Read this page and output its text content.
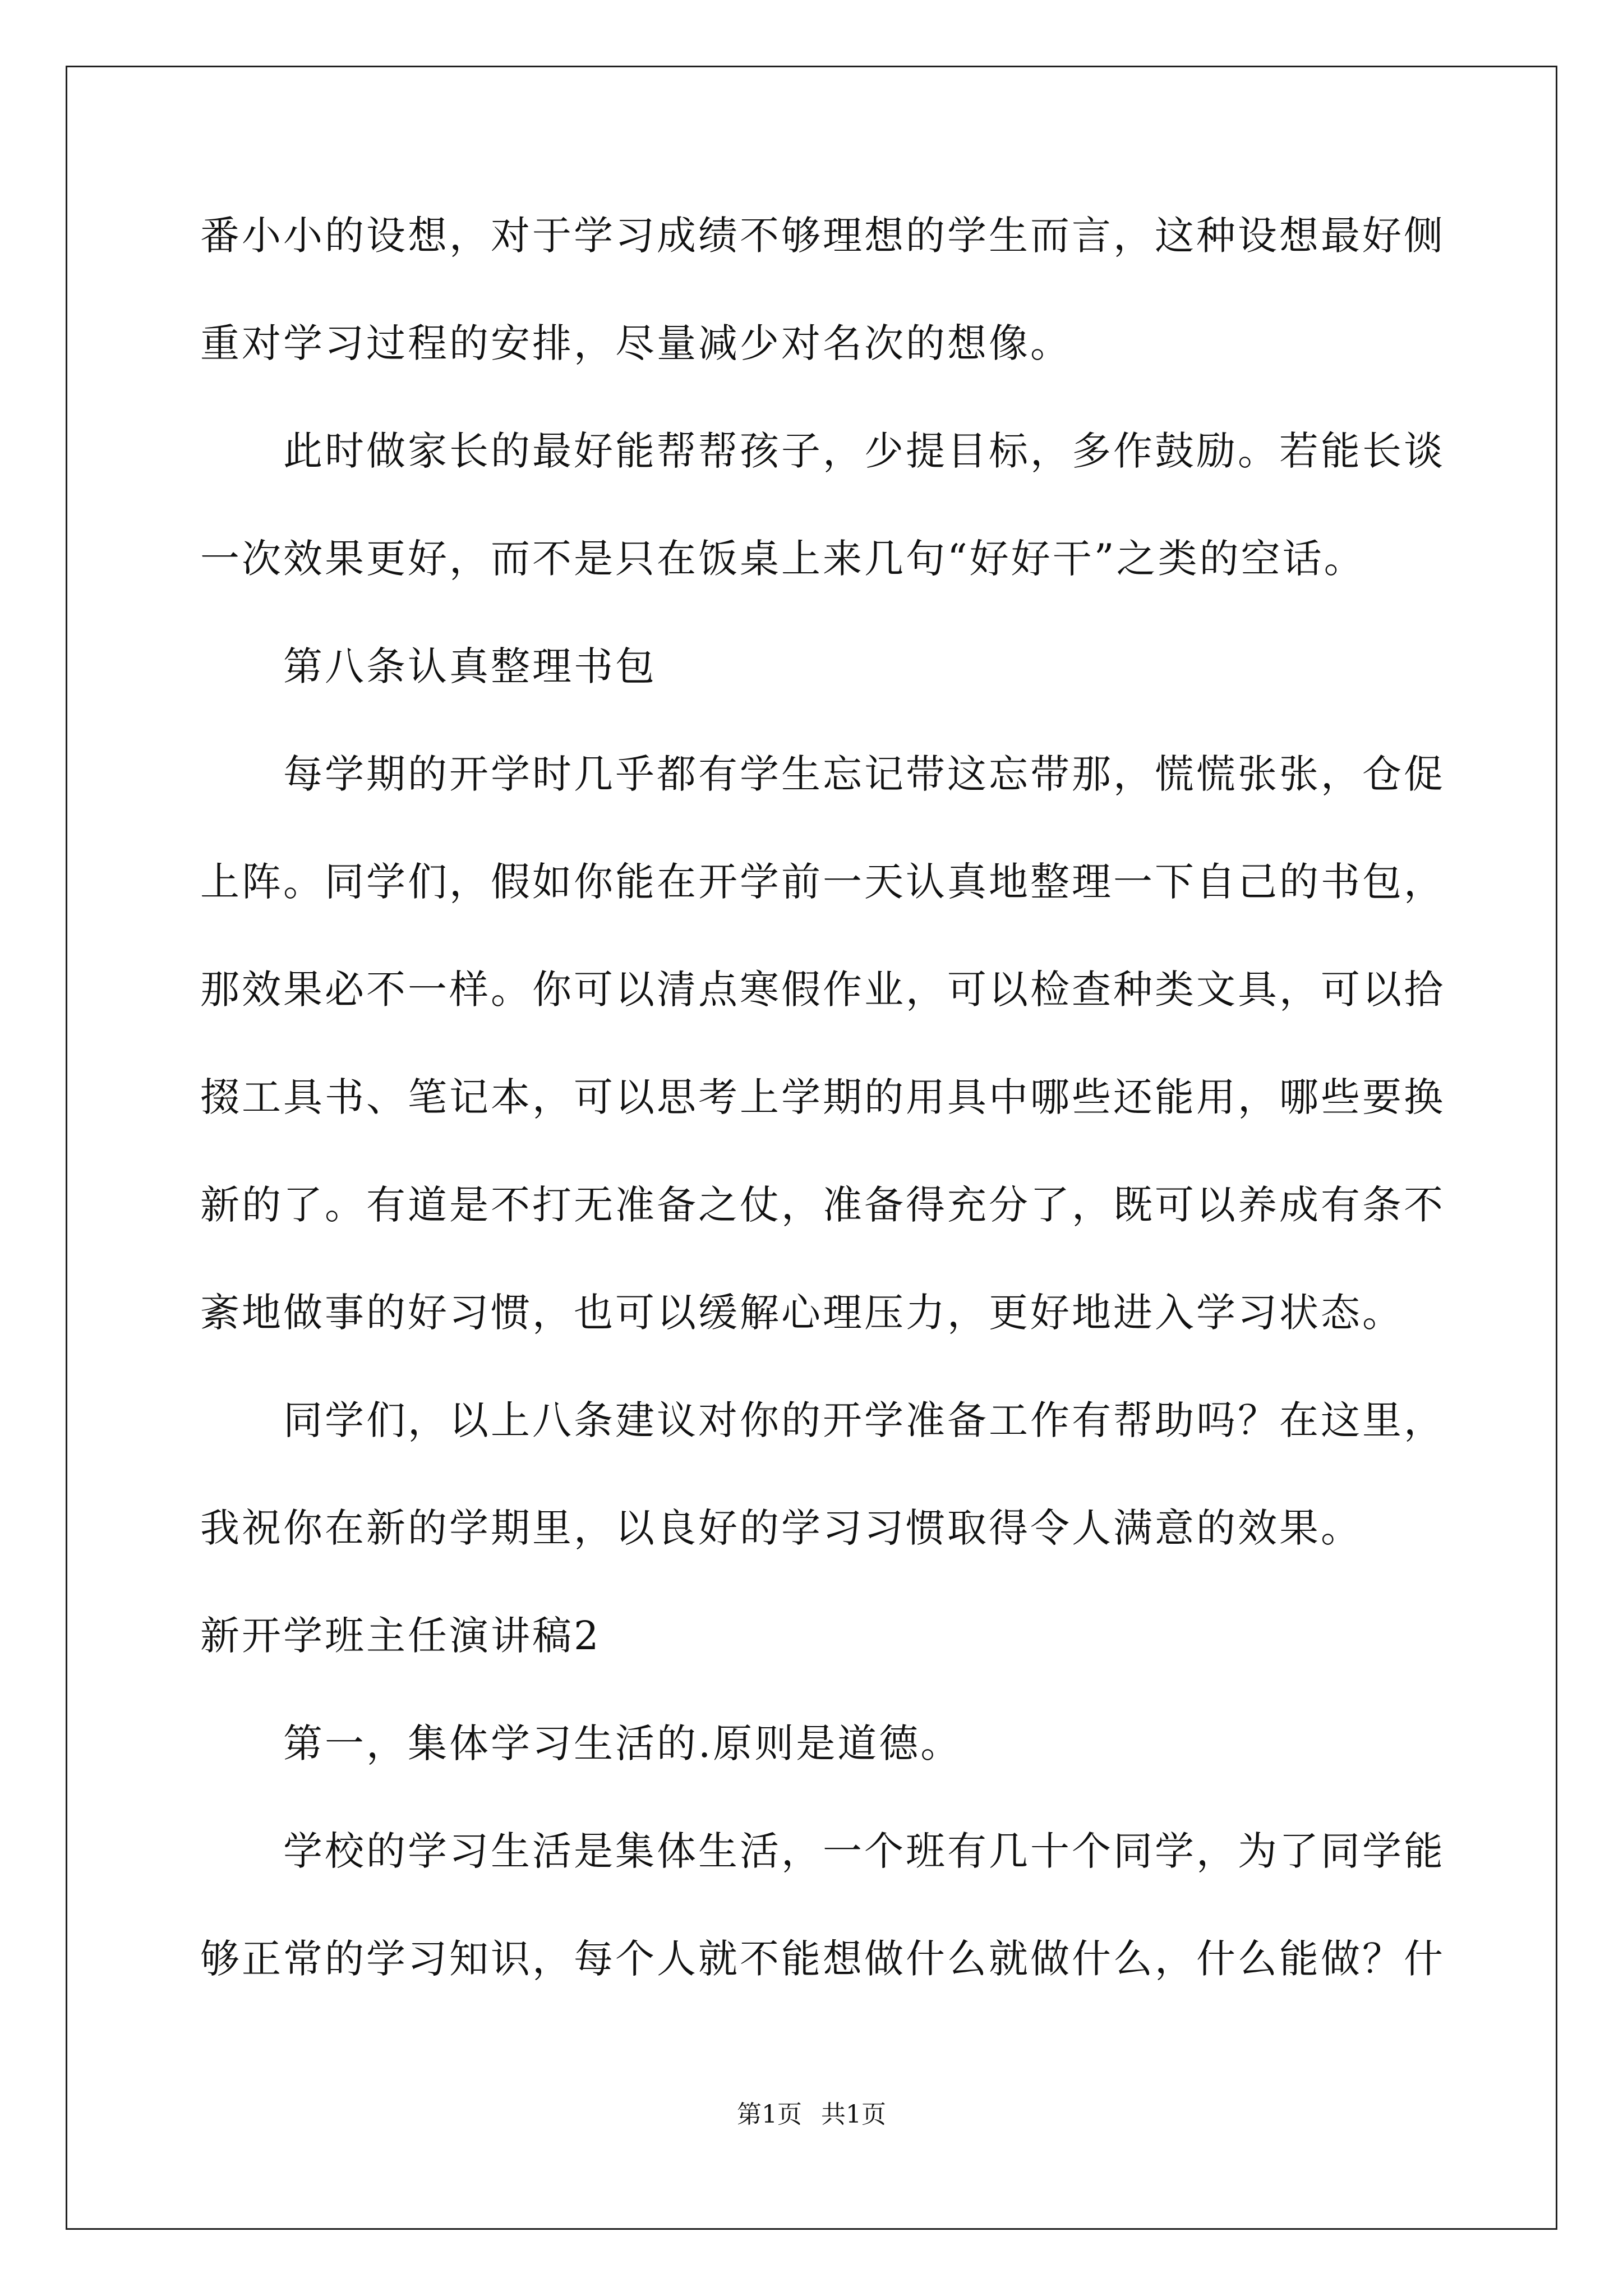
番小小的设想，对于学习成绩不够理想的学生而言，这种设想最好侧
重对学习过程的安排，尽量减少对名次的想像。
此时做家长的最好能帮帮孩子，少提目标，多作鼓励。若能长谈
一次效果更好，而不是只在饭桌上来几句“好好干”之类的空话。
第八条认真整理书包
每学期的开学时几乎都有学生忘记带这忘带那，慌慌张张，仓促
上阵。同学们，假如你能在开学前一天认真地整理一下自己的书包，
那效果必不一样。你可以清点寒假作业，可以检查种类文具，可以拾
掇工具书、笔记本，可以思考上学期的用具中哪些还能用，哪些要换
新的了。有道是不打无准备之仗，准备得充分了，既可以养成有条不
紊地做事的好习惯，也可以缓解心理压力，更好地进入学习状态。
同学们，以上八条建议对你的开学准备工作有帮助吗？在这里，
我祝你在新的学期里，以良好的学习习惯取得令人满意的效果。
新开学班主任演讲稿2
第一，集体学习生活的.原则是道德。
学校的学习生活是集体生活，一个班有几十个同学，为了同学能
够正常的学习知识，每个人就不能想做什么就做什么，什么能做？什
第1页 共1页
